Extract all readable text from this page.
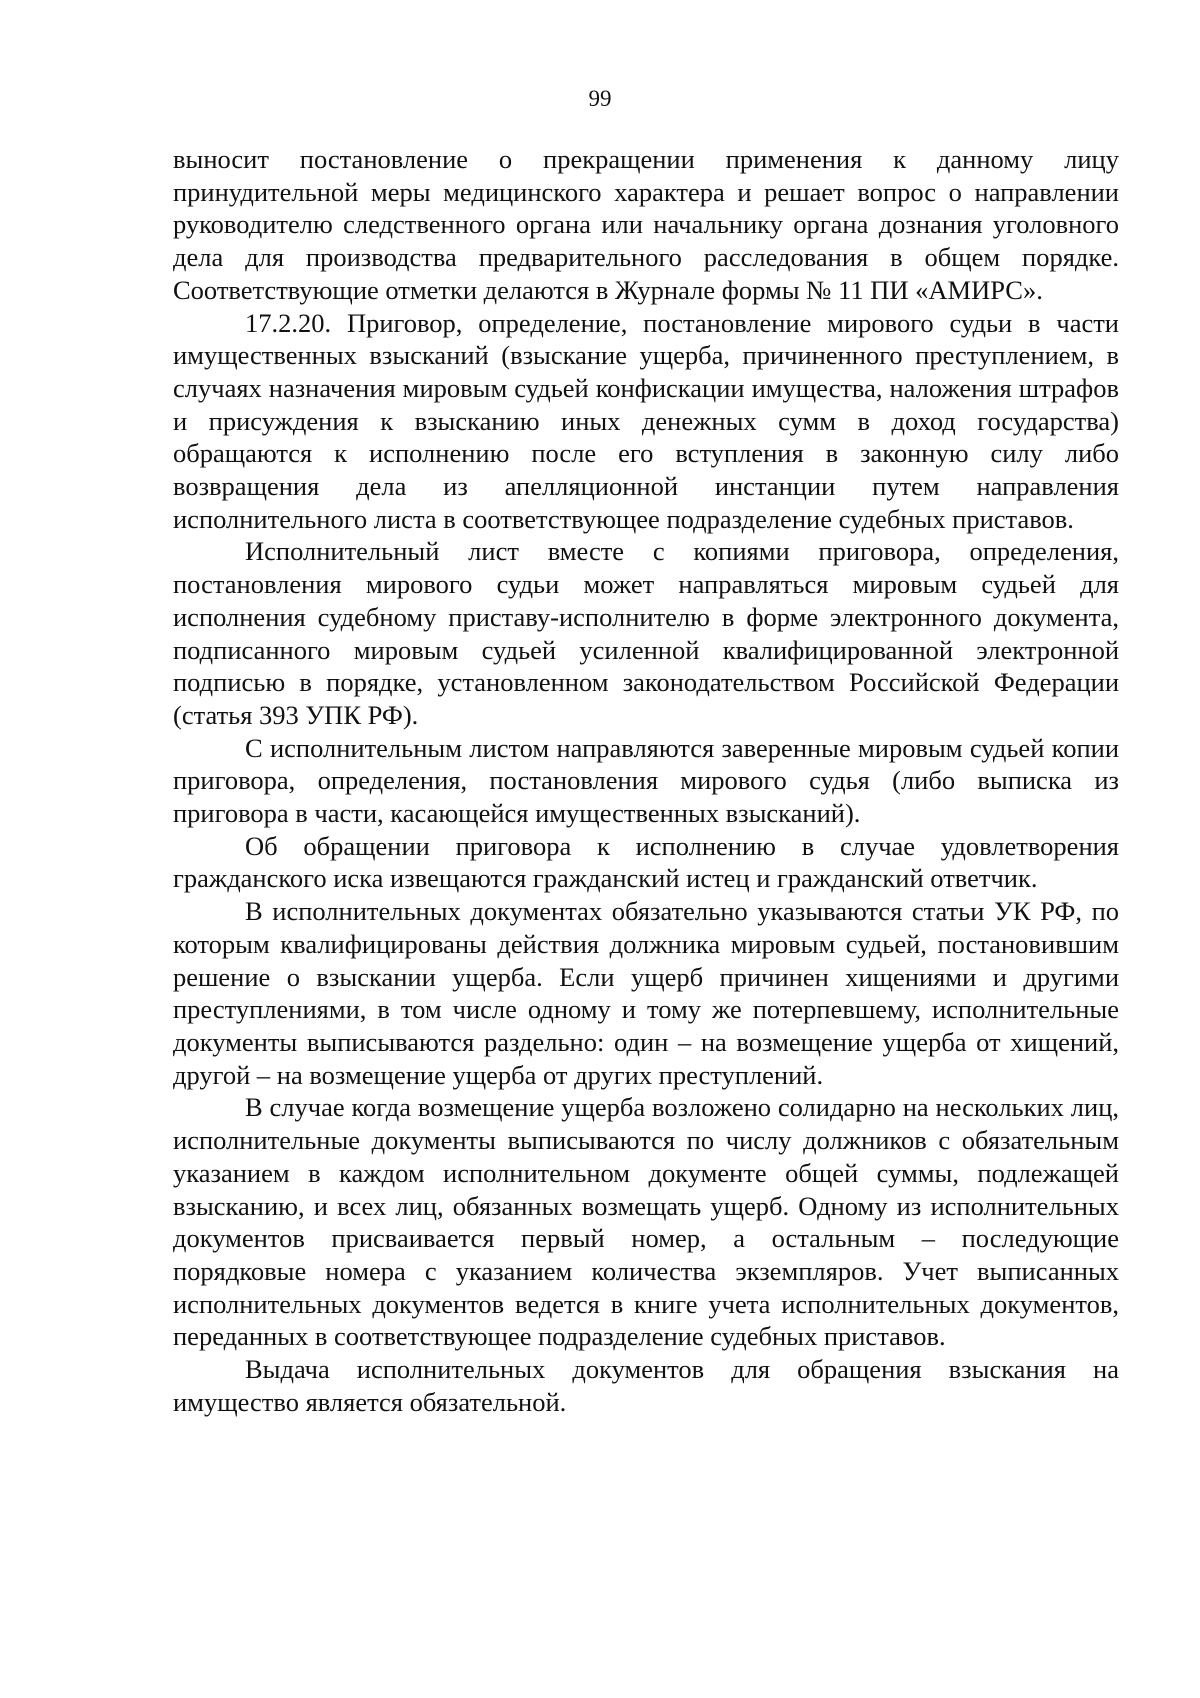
99

выносит постановление о прекращении применения к данному лицу принудительной меры медицинского характера и решает вопрос о направлении руководителю следственного органа или начальнику органа дознания уголовного дела для производства предварительного расследования в общем порядке. Соответствующие отметки делаются в Журнале формы № 11 ПИ «АМИРС».

17.2.20. Приговор, определение, постановление мирового судьи в части имущественных взысканий (взыскание ущерба, причиненного преступлением, в случаях назначения мировым судьей конфискации имущества, наложения штрафов и присуждения к взысканию иных денежных сумм в доход государства) обращаются к исполнению после его вступления в законную силу либо возвращения дела из апелляционной инстанции путем направления исполнительного листа в соответствующее подразделение судебных приставов.

Исполнительный лист вместе с копиями приговора, определения, постановления мирового судьи может направляться мировым судьей для исполнения судебному приставу-исполнителю в форме электронного документа, подписанного мировым судьей усиленной квалифицированной электронной подписью в порядке, установленном законодательством Российской Федерации (статья 393 УПК РФ).

С исполнительным листом направляются заверенные мировым судьей копии приговора, определения, постановления мирового судья (либо выписка из приговора в части, касающейся имущественных взысканий).

Об обращении приговора к исполнению в случае удовлетворения гражданского иска извещаются гражданский истец и гражданский ответчик.

В исполнительных документах обязательно указываются статьи УК РФ, по которым квалифицированы действия должника мировым судьей, постановившим решение о взыскании ущерба. Если ущерб причинен хищениями и другими преступлениями, в том числе одному и тому же потерпевшему, исполнительные документы выписываются раздельно: один – на возмещение ущерба от хищений, другой – на возмещение ущерба от других преступлений.

В случае когда возмещение ущерба возложено солидарно на нескольких лиц, исполнительные документы выписываются по числу должников с обязательным указанием в каждом исполнительном документе общей суммы, подлежащей взысканию, и всех лиц, обязанных возмещать ущерб. Одному из исполнительных документов присваивается первый номер, а остальным – последующие порядковые номера с указанием количества экземпляров. Учет выписанных исполнительных документов ведется в книге учета исполнительных документов, переданных в соответствующее подразделение судебных приставов.

Выдача исполнительных документов для обращения взыскания на имущество является обязательной.
